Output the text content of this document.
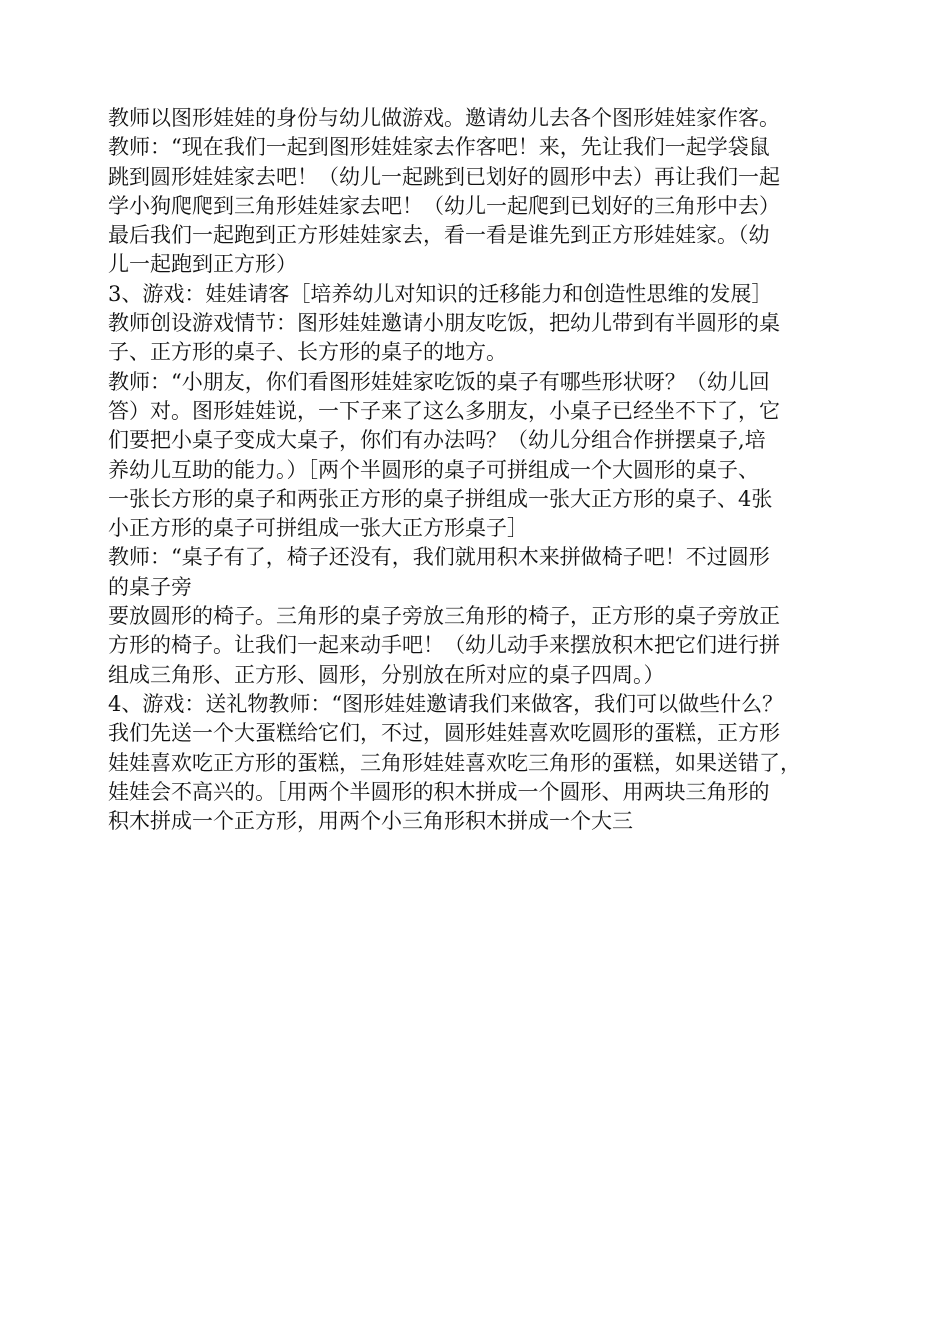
教师以图形娃娃的身份与幼儿做游戏。邀请幼儿去各个图形娃娃家作客。
教师：“现在我们一起到图形娃娃家去作客吧！来，先让我们一起学袋鼠
跳到圆形娃娃家去吧！（幼儿一起跳到已划好的圆形中去）再让我们一起
学小狗爬爬到三角形娃娃家去吧！（幼儿一起爬到已划好的三角形中去）
最后我们一起跑到正方形娃娃家去，看一看是谁先到正方形娃娃家。（幼
儿一起跑到正方形）
3、游戏：娃娃请客［培养幼儿对知识的迁移能力和创造性思维的发展］
教师创设游戏情节：图形娃娃邀请小朋友吃饭，把幼儿带到有半圆形的桌
子、正方形的桌子、长方形的桌子的地方。
教师：“小朋友，你们看图形娃娃家吃饭的桌子有哪些形状呀？（幼儿回
答）对。图形娃娃说，一下子来了这么多朋友，小桌子已经坐不下了，它
们要把小桌子变成大桌子，你们有办法吗？（幼儿分组合作拼摆桌子,培
养幼儿互助的能力。）［两个半圆形的桌子可拼组成一个大圆形的桌子、
一张长方形的桌子和两张正方形的桌子拼组成一张大正方形的桌子、4张
小正方形的桌子可拼组成一张大正方形桌子］
教师：“桌子有了，椅子还没有，我们就用积木来拼做椅子吧！不过圆形
的桌子旁
要放圆形的椅子。三角形的桌子旁放三角形的椅子，正方形的桌子旁放正
方形的椅子。让我们一起来动手吧！（幼儿动手来摆放积木把它们进行拼
组成三角形、正方形、圆形，分别放在所对应的桌子四周。）
4、游戏：送礼物教师：“图形娃娃邀请我们来做客，我们可以做些什么？
我们先送一个大蛋糕给它们，不过，圆形娃娃喜欢吃圆形的蛋糕，正方形
娃娃喜欢吃正方形的蛋糕，三角形娃娃喜欢吃三角形的蛋糕，如果送错了，
娃娃会不高兴的。［用两个半圆形的积木拼成一个圆形、用两块三角形的
积木拼成一个正方形，用两个小三角形积木拼成一个大三
